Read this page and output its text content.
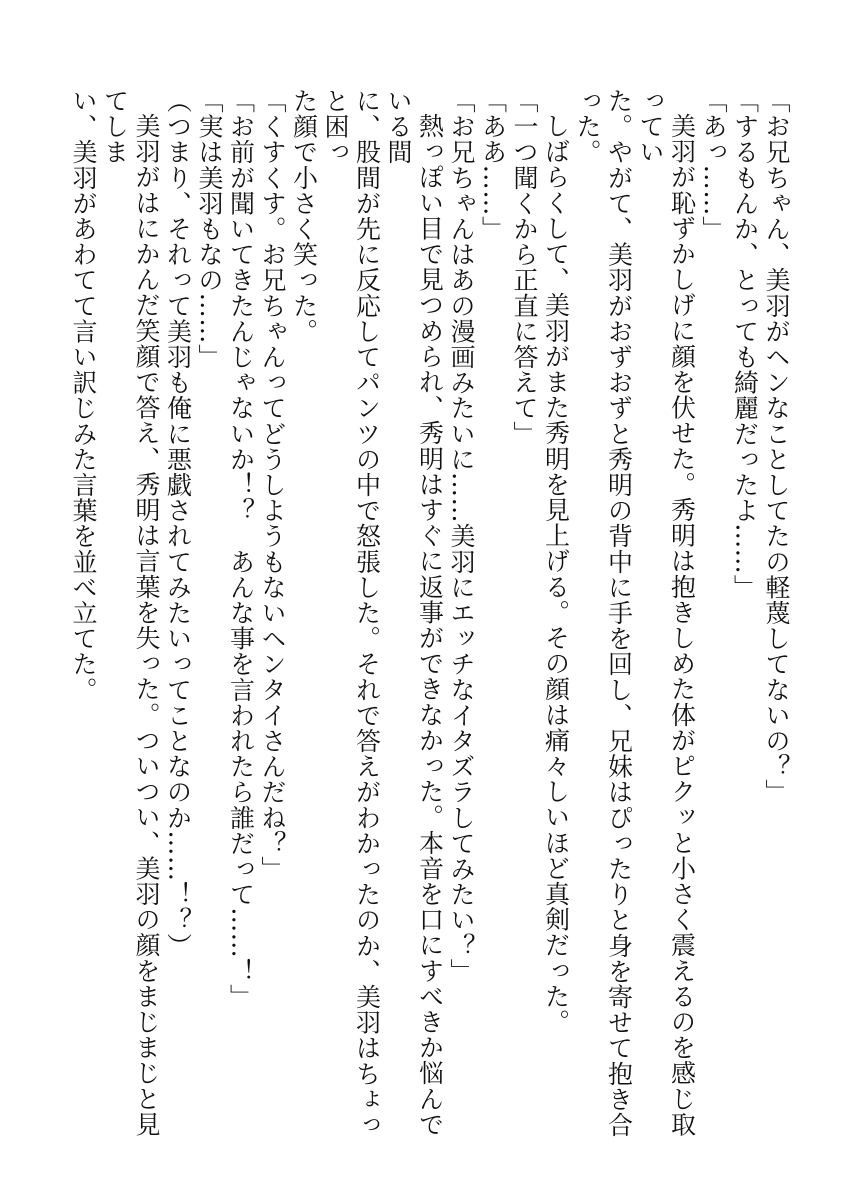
「お兄ちゃん、美羽がヘンなことしてたの軽蔑してないの？」

「するもんか、とっても綺麗だったよ……」

「あっ……」

美羽が恥ずかしげに顔を伏せた。秀明は抱きしめた体がピクッと小さく震えるのを感じ取ってい

た。やがて、美羽がおずおずと秀明の背中に手を回し、兄妹はぴったりと身を寄せて抱き合った。

しばらくして、美羽がまた秀明を見上げる。その顔は痛々しいほど真剣だった。

「一つ聞くから正直に答えて」

「ああ……」

「お兄ちゃんはあの漫画みたいに……美羽にエッチなイタズラしてみたい？」

熱っぽい目で見つめられ、秀明はすぐに返事ができなかった。本音を口にすべきか悩んでいる間

に、股間が先に反応してパンツの中で怒張した。それで答えがわかったのか、美羽はちょっと困っ

た顔で小さく笑った。

「くすくす。お兄ちゃんってどうしようもないヘンタイさんだね？」

「お前が聞いてきたんじゃないか！？　あんな事を言われたら誰だって……！」

「実は美羽もなの……」

（つまり、それって美羽も俺に悪戯されてみたいってことなのか……！？）

美羽がはにかんだ笑顔で答え、秀明は言葉を失った。ついつい、美羽の顔をまじまじと見てしま

い、美羽があわてて言い訳じみた言葉を並べ立てた。
